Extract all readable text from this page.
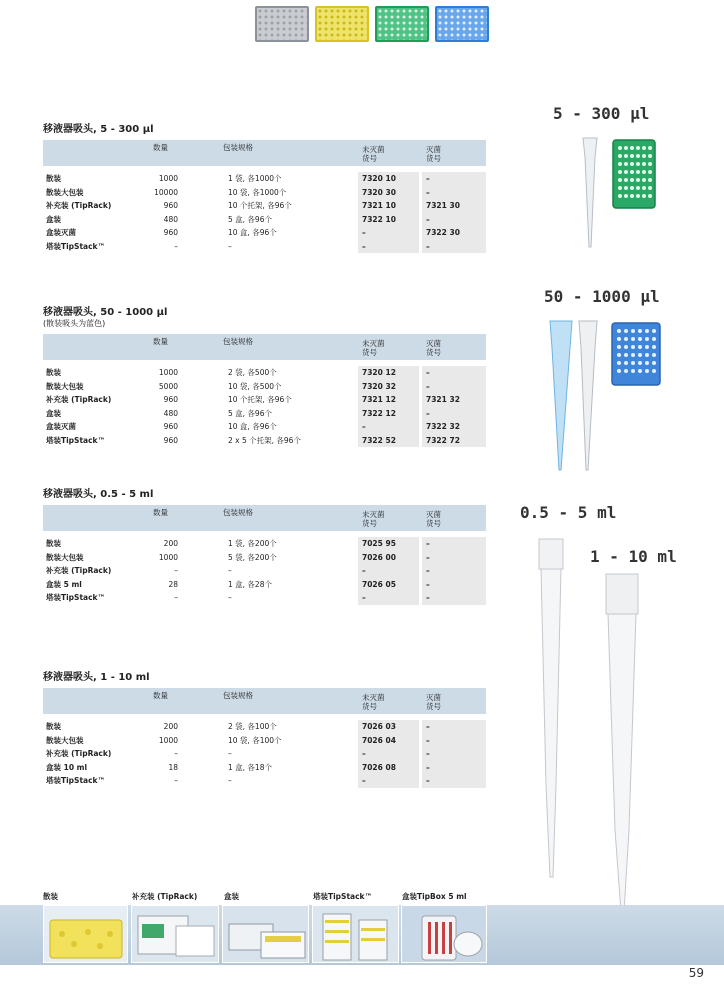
移液器吸头, 5 - 300 µl
数量	包装规格	未灭菌
货号
灭菌
货号
散装	1000	1 袋, 各1000个	7320 10	–
散装大包装	10000	10 袋, 各1000个	7320 30	–
补充装 (TipRack)	960	10 个托架, 各96个	7321 10	7321 30
盒装	480	5 盒, 各96个	7322 10	–
盒装灭菌	960	10 盒, 各96个	–	7322 30
塔装TipStack™	–	–	–	–
移液器吸头, 50 - 1000 µl
(散装吸头为蓝色)
数量	包装规格	未灭菌
货号
灭菌
货号
散装	1000	2 袋, 各500个	7320 12	–
散装大包装	5000	10 袋, 各500个	7320 32	–
补充装 (TipRack)	960	10 个托架, 各96个	7321 12	7321 32
盒装	480	5 盒, 各96个	7322 12	–
盒装灭菌	960	10 盒, 各96个	–	7322 32
塔装TipStack™	960	2 x 5 个托架, 各96个	7322 52	7322 72
移液器吸头, 0.5 - 5 ml
数量	包装规格	未灭菌
货号
灭菌
货号
散装	200	1 袋, 各200个	7025 95	–
散装大包装	1000	5 袋, 各200个	7026 00	–
补充装 (TipRack)	–	–	–	–
盒装 5 ml	28	1 盒, 各28个	7026 05	–
塔装TipStack™	–	–	–	–
移液器吸头, 1 - 10 ml
数量	包装规格	未灭菌
货号
灭菌
货号
散装	200	2 袋, 各100个	7026 03	–
散装大包装	1000	10 袋, 各100个	7026 04	–
补充装 (TipRack)	–	–	–	–
盒装 10 ml	18	1 盒, 各18个	7026 08	–
塔装TipStack™	–	–	–	–
5 - 300 µl
50 - 1000 µl
0.5 - 5 ml
1 - 10 ml
散装	补充装 (TipRack)	盒装	塔装TipStack™	盒装TipBox 5 ml
59
